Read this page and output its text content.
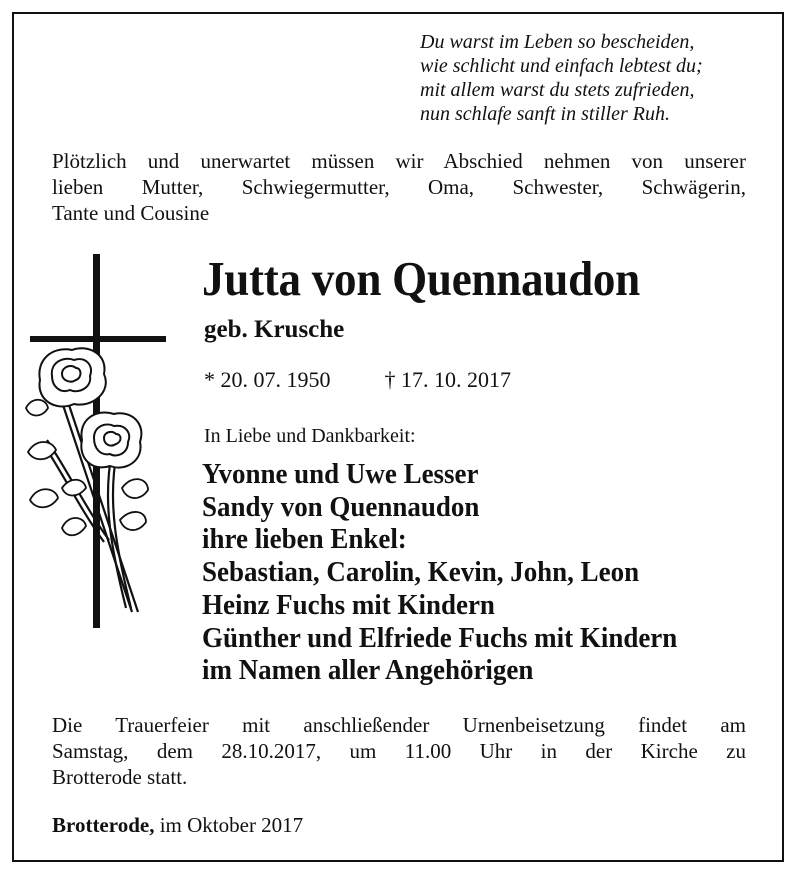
Du warst im Leben so bescheiden,
wie schlicht und einfach lebtest du;
mit allem warst du stets zufrieden,
nun schlafe sanft in stiller Ruh.
Plötzlich und unerwartet müssen wir Abschied nehmen von unserer
lieben Mutter, Schwiegermutter, Oma, Schwester, Schwägerin,
Tante und Cousine
Jutta von Quennaudon
geb. Krusche
* 20. 07. 1950 † 17. 10. 2017
In Liebe und Dankbarkeit:
Yvonne und Uwe Lesser
Sandy von Quennaudon
ihre lieben Enkel:
Sebastian, Carolin, Kevin, John, Leon
Heinz Fuchs mit Kindern
Günther und Elfriede Fuchs mit Kindern
im Namen aller Angehörigen
Die Trauerfeier mit anschließender Urnenbeisetzung findet am
Samstag, dem 28.10.2017, um 11.00 Uhr in der Kirche zu
Brotterode statt.
Brotterode, im Oktober 2017
